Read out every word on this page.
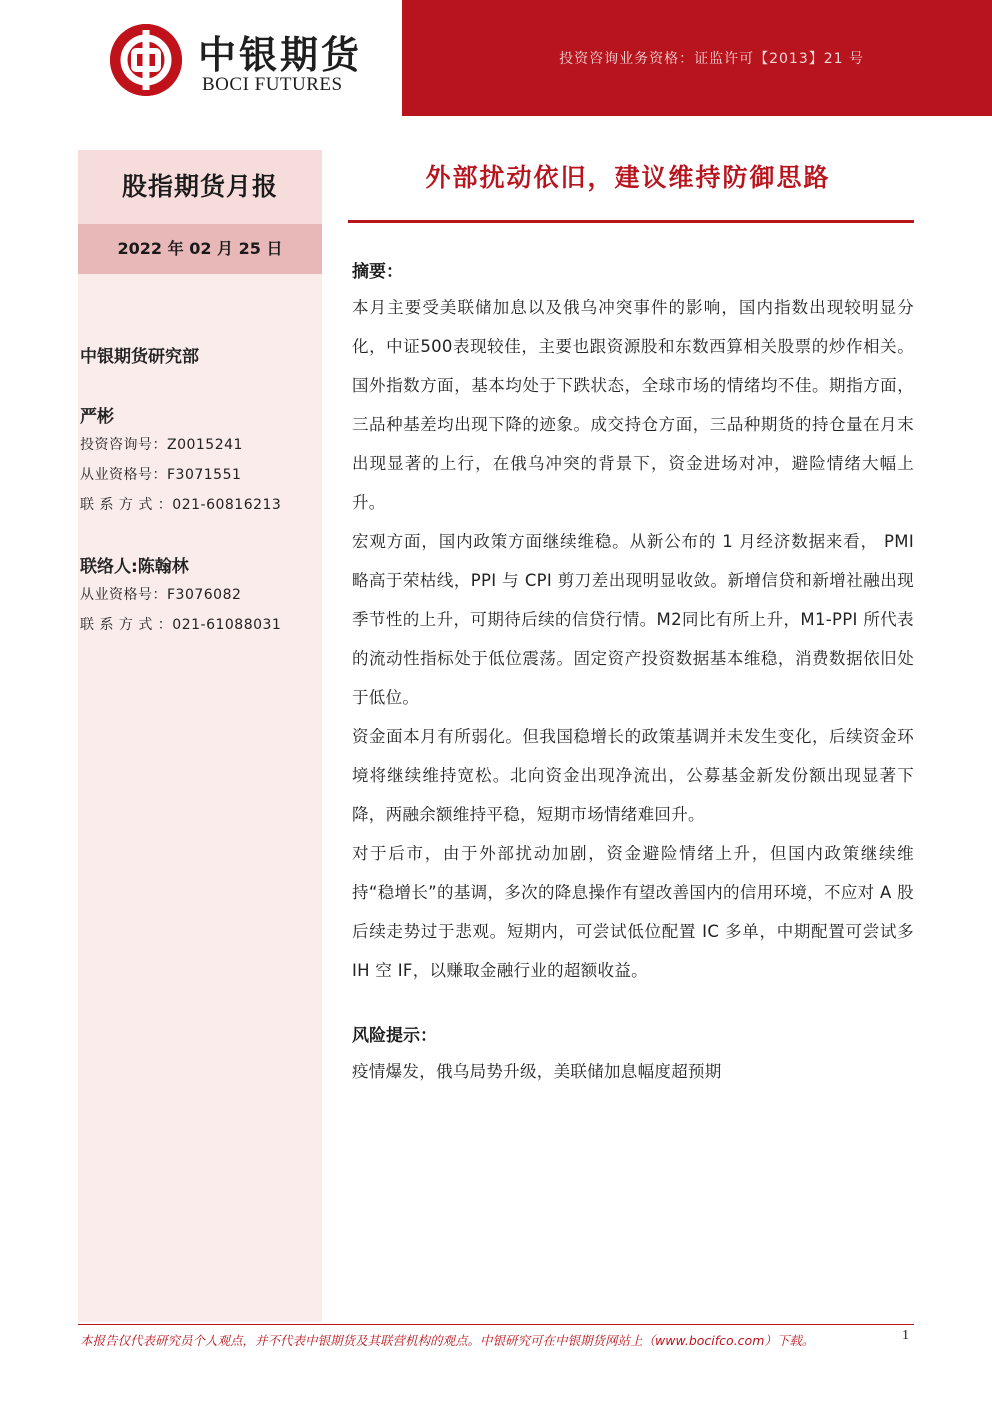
投资咨询业务资格：证监许可【2013】21 号
中银期货
BOCI FUTURES
股指期货月报
2022 年 02 月 25 日
中银期货研究部
严彬
投资咨询号：Z0015241
从业资格号：F3071551
联 系 方 式 ：021-60816213
联络人:陈翰林
从业资格号：F3076082
联 系 方 式 ：021-61088031
外部扰动依旧，建议维持防御思路
摘要：

本月主要受美联储加息以及俄乌冲突事件的影响，国内指数出现较明显分化，中证500表现较佳，主要也跟资源股和东数西算相关股票的炒作相关。国外指数方面，基本均处于下跌状态，全球市场的情绪均不佳。期指方面，三品种基差均出现下降的迹象。成交持仓方面，三品种期货的持仓量在月末出现显著的上行，在俄乌冲突的背景下，资金进场对冲，避险情绪大幅上升。

宏观方面，国内政策方面继续维稳。从新公布的 1 月经济数据来看， PMI 略高于荣枯线，PPI 与 CPI 剪刀差出现明显收敛。新增信贷和新增社融出现季节性的上升，可期待后续的信贷行情。M2同比有所上升，M1-PPI 所代表的流动性指标处于低位震荡。固定资产投资数据基本维稳，消费数据依旧处于低位。

资金面本月有所弱化。但我国稳增长的政策基调并未发生变化，后续资金环境将继续维持宽松。北向资金出现净流出，公募基金新发份额出现显著下降，两融余额维持平稳，短期市场情绪难回升。

对于后市，由于外部扰动加剧，资金避险情绪上升，但国内政策继续维持“稳增长”的基调，多次的降息操作有望改善国内的信用环境，不应对 A 股后续走势过于悲观。短期内，可尝试低位配置 IC 多单，中期配置可尝试多 IH 空 IF，以赚取金融行业的超额收益。

风险提示：

疫情爆发，俄乌局势升级，美联储加息幅度超预期

本报告仅代表研究员个人观点，并不代表中银期货及其联营机构的观点。中银研究可在中银期货网站上（www.bocifco.com）下载。	1
